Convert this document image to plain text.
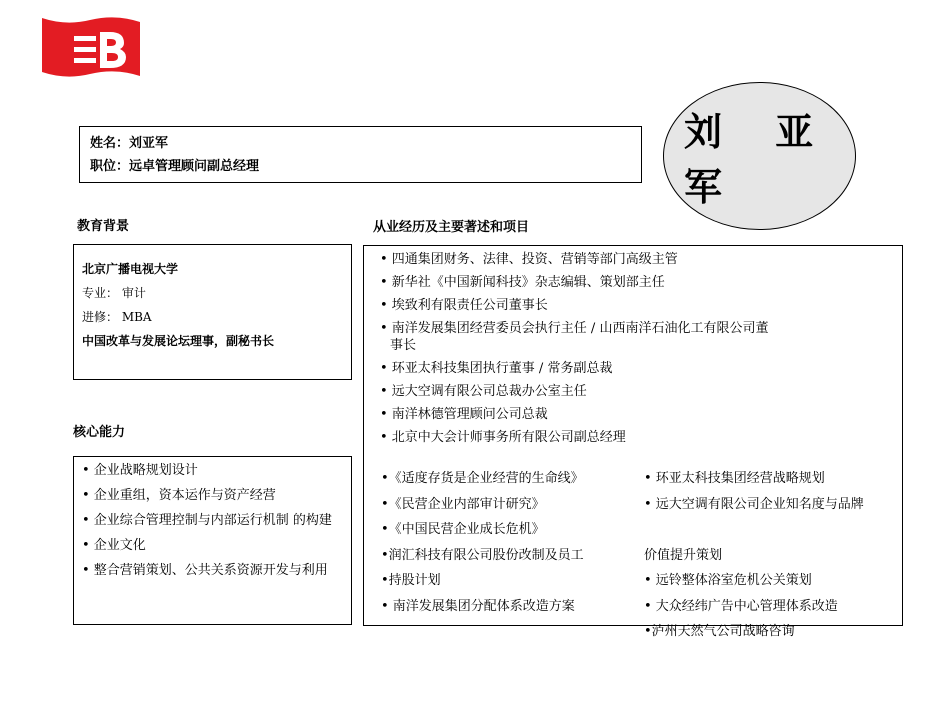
姓名：刘亚军
职位：远卓管理顾问副总经理
刘 亚 军
教育背景
北京广播电视大学
专业： 审计
进修： MBA
中国改革与发展论坛理事，副秘书长
核心能力
• 企业战略规划设计
• 企业重组，资本运作与资产经营
• 企业综合管理控制与内部运行机制 的构建
• 企业文化
• 整合营销策划、公共关系资源开发与利用
从业经历及主要著述和项目
• 四通集团财务、法律、投资、营销等部门高级主管
• 新华社《中国新闻科技》杂志编辑、策划部主任
• 埃致利有限责任公司董事长
• 南洋发展集团经营委员会执行主任 / 山西南洋石油化工有限公司董事长
• 环亚太科技集团执行董事 / 常务副总裁
• 远大空调有限公司总裁办公室主任
• 南洋林德管理顾问公司总裁
• 北京中大会计师事务所有限公司副总经理
•《适度存货是企业经营的生命线》
•《民营企业内部审计研究》
•《中国民营企业成长危机》
•润汇科技有限公司股份改制及员工
•持股计划
• 南洋发展集团分配体系改造方案
• 环亚太科技集团经营战略规划
• 远大空调有限公司企业知名度与品牌
价值提升策划
• 远铃整体浴室危机公关策划
• 大众经纬广告中心管理体系改造
•泸州天然气公司战略咨询
